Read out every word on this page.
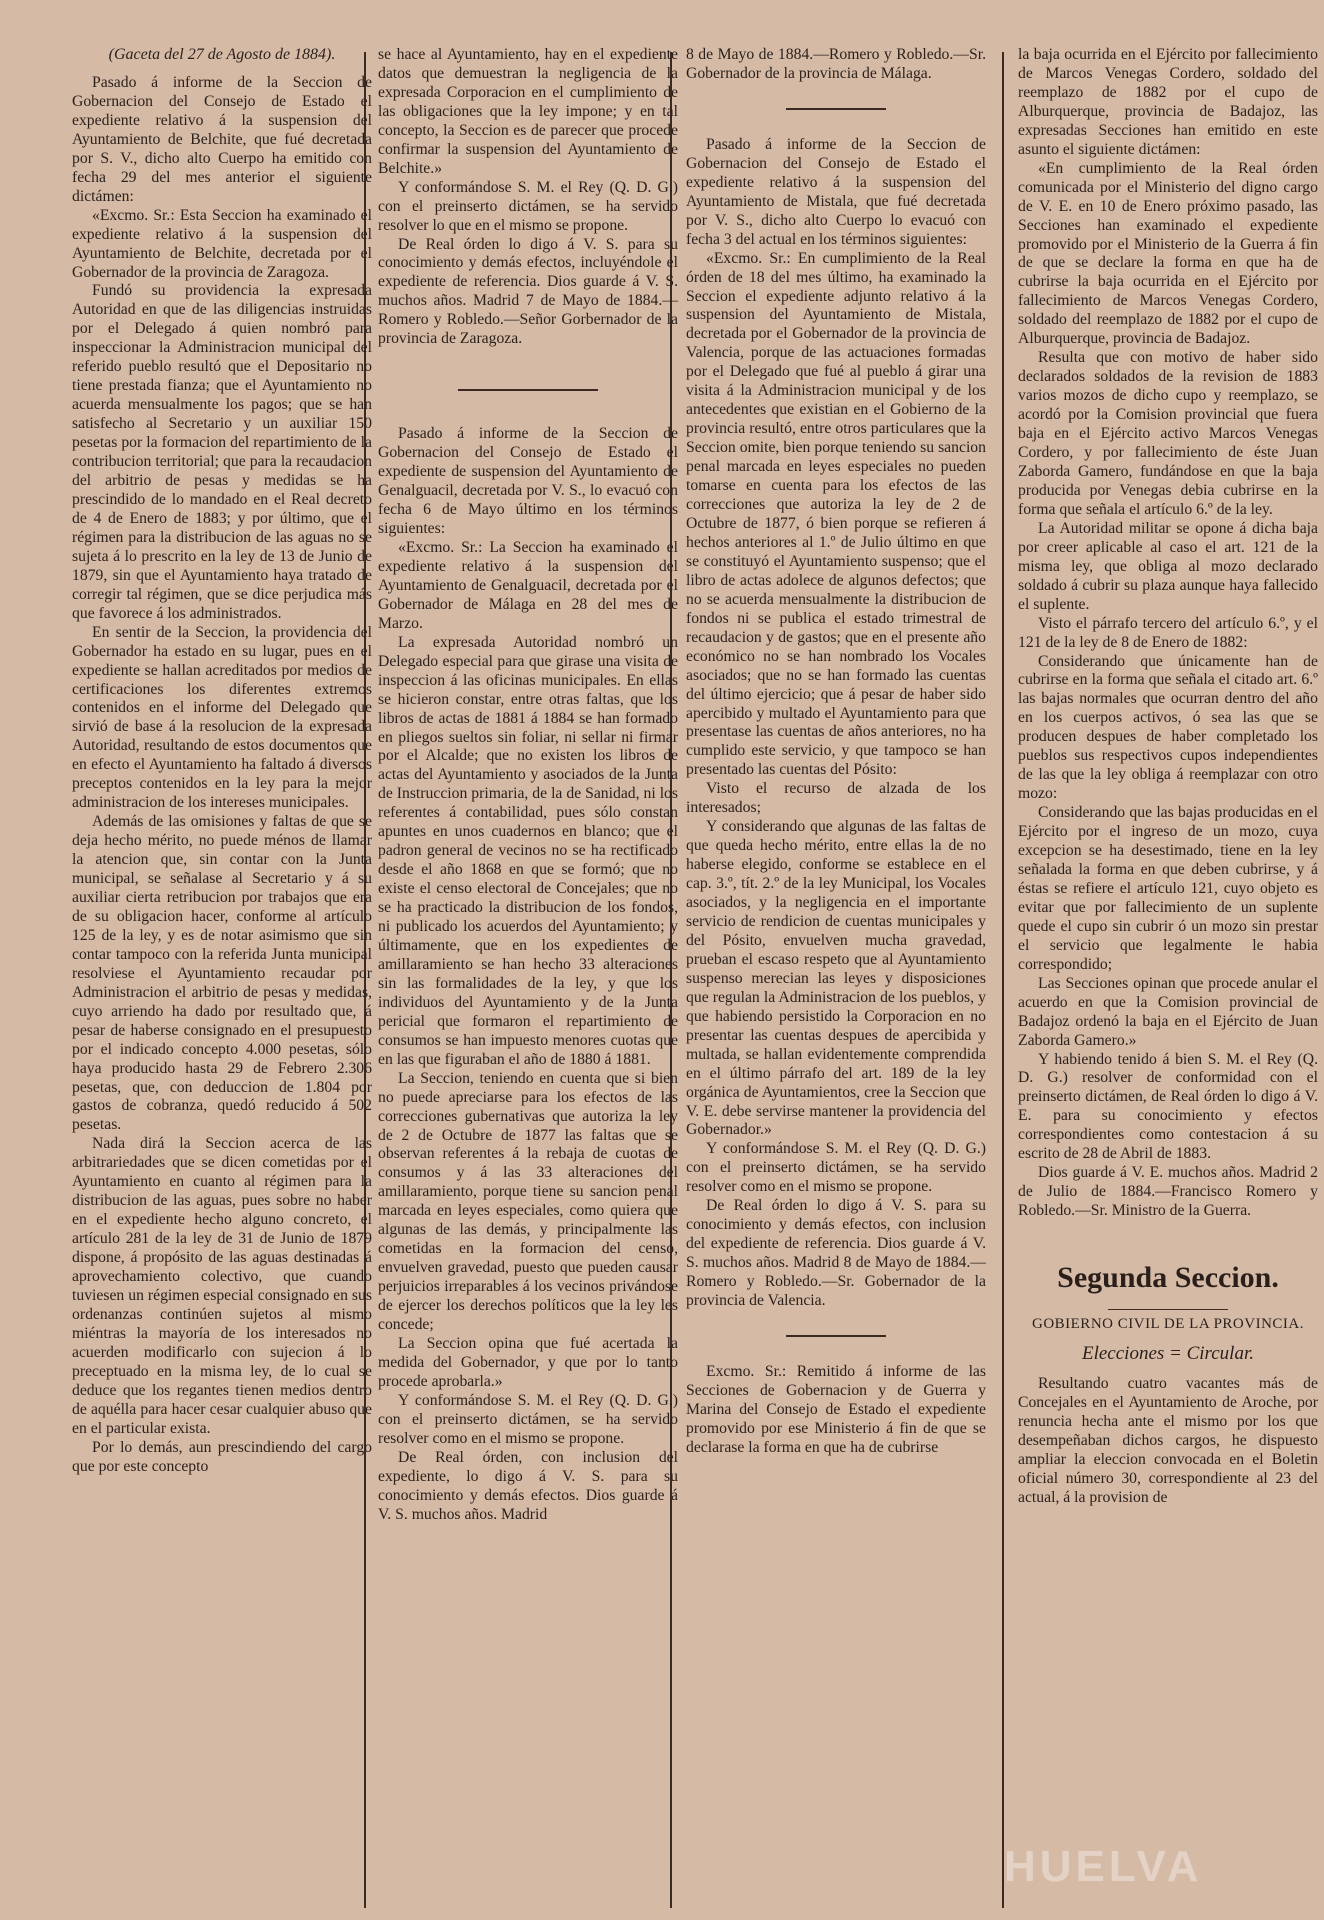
(Gaceta del 27 de Agosto de 1884).

Pasado á informe de la Seccion de Gobernacion del Consejo de Estado el expediente relativo á la suspension del Ayuntamiento de Belchite, que fué decretada por S. V., dicho alto Cuerpo ha emitido con fecha 29 del mes anterior el siguiente dictámen:

«Excmo. Sr.: Esta Seccion ha examinado el expediente relativo á la suspension del Ayuntamiento de Belchite, decretada por el Gobernador de la provincia de Zaragoza.

Fundó su providencia la expresada Autoridad en que de las diligencias instruidas por el Delegado á quien nombró para inspeccionar la Administracion municipal del referido pueblo resultó que el Depositario no tiene prestada fianza; que el Ayuntamiento no acuerda mensualmente los pagos; que se han satisfecho al Secretario y un auxiliar 150 pesetas por la formacion del repartimiento de la contribucion territorial; que para la recaudacion del arbitrio de pesas y medidas se ha prescindido de lo mandado en el Real decreto de 4 de Enero de 1883; y por último, que el régimen para la distribucion de las aguas no se sujeta á lo prescrito en la ley de 13 de Junio de 1879, sin que el Ayuntamiento haya tratado de corregir tal régimen, que se dice perjudica más que favorece á los administrados.

En sentir de la Seccion, la providencia del Gobernador ha estado en su lugar, pues en el expediente se hallan acreditados por medios de certificaciones los diferentes extremos contenidos en el informe del Delegado que sirvió de base á la resolucion de la expresada Autoridad, resultando de estos documentos que en efecto el Ayuntamiento ha faltado á diversos preceptos contenidos en la ley para la mejor administracion de los intereses municipales.

Además de las omisiones y faltas de que se deja hecho mérito, no puede ménos de llamar la atencion que, sin contar con la Junta municipal, se señalase al Secretario y á su auxiliar cierta retribucion por trabajos que era de su obligacion hacer, conforme al artículo 125 de la ley, y es de notar asimismo que sin contar tampoco con la referida Junta municipal resolviese el Ayuntamiento recaudar por Administracion el arbitrio de pesas y medidas, cuyo arriendo ha dado por resultado que, á pesar de haberse consignado en el presupuesto por el indicado concepto 4.000 pesetas, sólo haya producido hasta 29 de Febrero 2.306 pesetas, que, con deduccion de 1.804 por gastos de cobranza, quedó reducido á 502 pesetas.

Nada dirá la Seccion acerca de las arbitrariedades que se dicen cometidas por el Ayuntamiento en cuanto al régimen para la distribucion de las aguas, pues sobre no haber en el expediente hecho alguno concreto, el artículo 281 de la ley de 31 de Junio de 1879 dispone, á propósito de las aguas destinadas á aprovechamiento colectivo, que cuando tuviesen un régimen especial consignado en sus ordenanzas continúen sujetos al mismo miéntras la mayoría de los interesados no acuerden modificarlo con sujecion á lo preceptuado en la misma ley, de lo cual se deduce que los regantes tienen medios dentro de aquélla para hacer cesar cualquier abuso que en el particular exista.

Por lo demás, aun prescindiendo del cargo que por este concepto

se hace al Ayuntamiento, hay en el expediente datos que demuestran la negligencia de la expresada Corporacion en el cumplimiento de las obligaciones que la ley impone; y en tal concepto, la Seccion es de parecer que procede confirmar la suspension del Ayuntamiento de Belchite.»

Y conformándose S. M. el Rey (Q. D. G.) con el preinserto dictámen, se ha servido resolver lo que en el mismo se propone.

De Real órden lo digo á V. S. para su conocimiento y demás efectos, incluyéndole el expediente de referencia. Dios guarde á V. S. muchos años. Madrid 7 de Mayo de 1884.—Romero y Robledo.—Señor Gorbernador de la provincia de Zaragoza.

Pasado á informe de la Seccion de Gobernacion del Consejo de Estado el expediente de suspension del Ayuntamiento de Genalguacil, decretada por V. S., lo evacuó con fecha 6 de Mayo último en los términos siguientes:

«Excmo. Sr.: La Seccion ha examinado el expediente relativo á la suspension del Ayuntamiento de Genalguacil, decretada por el Gobernador de Málaga en 28 del mes de Marzo.

La expresada Autoridad nombró un Delegado especial para que girase una visita de inspeccion á las oficinas municipales. En ellas se hicieron constar, entre otras faltas, que los libros de actas de 1881 á 1884 se han formado en pliegos sueltos sin foliar, ni sellar ni firmar por el Alcalde; que no existen los libros de actas del Ayuntamiento y asociados de la Junta de Instruccion primaria, de la de Sanidad, ni los referentes á contabilidad, pues sólo constan apuntes en unos cuadernos en blanco; que el padron general de vecinos no se ha rectificado desde el año 1868 en que se formó; que no existe el censo electoral de Concejales; que no se ha practicado la distribucion de los fondos, ni publicado los acuerdos del Ayuntamiento; y últimamente, que en los expedientes de amillaramiento se han hecho 33 alteraciones sin las formalidades de la ley, y que los individuos del Ayuntamiento y de la Junta pericial que formaron el repartimiento de consumos se han impuesto menores cuotas que en las que figuraban el año de 1880 á 1881.

La Seccion, teniendo en cuenta que si bien no puede apreciarse para los efectos de las correcciones gubernativas que autoriza la ley de 2 de Octubre de 1877 las faltas que se observan referentes á la rebaja de cuotas de consumos y á las 33 alteraciones del amillaramiento, porque tiene su sancion penal marcada en leyes especiales, como quiera que algunas de las demás, y principalmente las cometidas en la formacion del censo, envuelven gravedad, puesto que pueden causar perjuicios irreparables á los vecinos privándose de ejercer los derechos políticos que la ley les concede;

La Seccion opina que fué acertada la medida del Gobernador, y que por lo tanto procede aprobarla.»

Y conformándose S. M. el Rey (Q. D. G.) con el preinserto dictámen, se ha servido resolver como en el mismo se propone.

De Real órden, con inclusion del expediente, lo digo á V. S. para su conocimiento y demás efectos. Dios guarde á V. S. muchos años. Madrid

8 de Mayo de 1884.—Romero y Robledo.—Sr. Gobernador de la provincia de Málaga.

Pasado á informe de la Seccion de Gobernacion del Consejo de Estado el expediente relativo á la suspension del Ayuntamiento de Mistala, que fué decretada por V. S., dicho alto Cuerpo lo evacuó con fecha 3 del actual en los términos siguientes:

«Excmo. Sr.: En cumplimiento de la Real órden de 18 del mes último, ha examinado la Seccion el expediente adjunto relativo á la suspension del Ayuntamiento de Mistala, decretada por el Gobernador de la provincia de Valencia, porque de las actuaciones formadas por el Delegado que fué al pueblo á girar una visita á la Administracion municipal y de los antecedentes que existian en el Gobierno de la provincia resultó, entre otros particulares que la Seccion omite, bien porque teniendo su sancion penal marcada en leyes especiales no pueden tomarse en cuenta para los efectos de las correcciones que autoriza la ley de 2 de Octubre de 1877, ó bien porque se refieren á hechos anteriores al 1.º de Julio último en que se constituyó el Ayuntamiento suspenso; que el libro de actas adolece de algunos defectos; que no se acuerda mensualmente la distribucion de fondos ni se publica el estado trimestral de recaudacion y de gastos; que en el presente año económico no se han nombrado los Vocales asociados; que no se han formado las cuentas del último ejercicio; que á pesar de haber sido apercibido y multado el Ayuntamiento para que presentase las cuentas de años anteriores, no ha cumplido este servicio, y que tampoco se han presentado las cuentas del Pósito:

Visto el recurso de alzada de los interesados;

Y considerando que algunas de las faltas de que queda hecho mérito, entre ellas la de no haberse elegido, conforme se establece en el cap. 3.º, tít. 2.º de la ley Municipal, los Vocales asociados, y la negligencia en el importante servicio de rendicion de cuentas municipales y del Pósito, envuelven mucha gravedad, prueban el escaso respeto que al Ayuntamiento suspenso merecian las leyes y disposiciones que regulan la Administracion de los pueblos, y que habiendo persistido la Corporacion en no presentar las cuentas despues de apercibida y multada, se hallan evidentemente comprendida en el último párrafo del art. 189 de la ley orgánica de Ayuntamientos, cree la Seccion que V. E. debe servirse mantener la providencia del Gobernador.»

Y conformándose S. M. el Rey (Q. D. G.) con el preinserto dictámen, se ha servido resolver como en el mismo se propone.

De Real órden lo digo á V. S. para su conocimiento y demás efectos, con inclusion del expediente de referencia. Dios guarde á V. S. muchos años. Madrid 8 de Mayo de 1884.—Romero y Robledo.—Sr. Gobernador de la provincia de Valencia.

Excmo. Sr.: Remitido á informe de las Secciones de Gobernacion y de Guerra y Marina del Consejo de Estado el expediente promovido por ese Ministerio á fin de que se declarase la forma en que ha de cubrirse

la baja ocurrida en el Ejército por fallecimiento de Marcos Venegas Cordero, soldado del reemplazo de 1882 por el cupo de Alburquerque, provincia de Badajoz, las expresadas Secciones han emitido en este asunto el siguiente dictámen:

«En cumplimiento de la Real órden comunicada por el Ministerio del digno cargo de V. E. en 10 de Enero próximo pasado, las Secciones han examinado el expediente promovido por el Ministerio de la Guerra á fin de que se declare la forma en que ha de cubrirse la baja ocurrida en el Ejército por fallecimiento de Marcos Venegas Cordero, soldado del reemplazo de 1882 por el cupo de Alburquerque, provincia de Badajoz.

Resulta que con motivo de haber sido declarados soldados de la revision de 1883 varios mozos de dicho cupo y reemplazo, se acordó por la Comision provincial que fuera baja en el Ejército activo Marcos Venegas Cordero, y por fallecimiento de éste Juan Zaborda Gamero, fundándose en que la baja producida por Venegas debia cubrirse en la forma que señala el artículo 6.º de la ley.

La Autoridad militar se opone á dicha baja por creer aplicable al caso el art. 121 de la misma ley, que obliga al mozo declarado soldado á cubrir su plaza aunque haya fallecido el suplente.

Visto el párrafo tercero del artículo 6.º, y el 121 de la ley de 8 de Enero de 1882:

Considerando que únicamente han de cubrirse en la forma que señala el citado art. 6.º las bajas normales que ocurran dentro del año en los cuerpos activos, ó sea las que se producen despues de haber completado los pueblos sus respectivos cupos independientes de las que la ley obliga á reemplazar con otro mozo:

Considerando que las bajas producidas en el Ejército por el ingreso de un mozo, cuya excepcion se ha desestimado, tiene en la ley señalada la forma en que deben cubrirse, y á éstas se refiere el artículo 121, cuyo objeto es evitar que por fallecimiento de un suplente quede el cupo sin cubrir ó un mozo sin prestar el servicio que legalmente le habia correspondido;

Las Secciones opinan que procede anular el acuerdo en que la Comision provincial de Badajoz ordenó la baja en el Ejército de Juan Zaborda Gamero.»

Y habiendo tenido á bien S. M. el Rey (Q. D. G.) resolver de conformidad con el preinserto dictámen, de Real órden lo digo á V. E. para su conocimiento y efectos correspondientes como contestacion á su escrito de 28 de Abril de 1883.

Dios guarde á V. E. muchos años. Madrid 2 de Julio de 1884.—Francisco Romero y Robledo.—Sr. Ministro de la Guerra.

Segunda Seccion.
GOBIERNO CIVIL DE LA PROVINCIA.
Elecciones = Circular.

Resultando cuatro vacantes más de Concejales en el Ayuntamiento de Aroche, por renuncia hecha ante el mismo por los que desempeñaban dichos cargos, he dispuesto ampliar la eleccion convocada en el Boletin oficial número 30, correspondiente al 23 del actual, á la provision de

HUELVA
